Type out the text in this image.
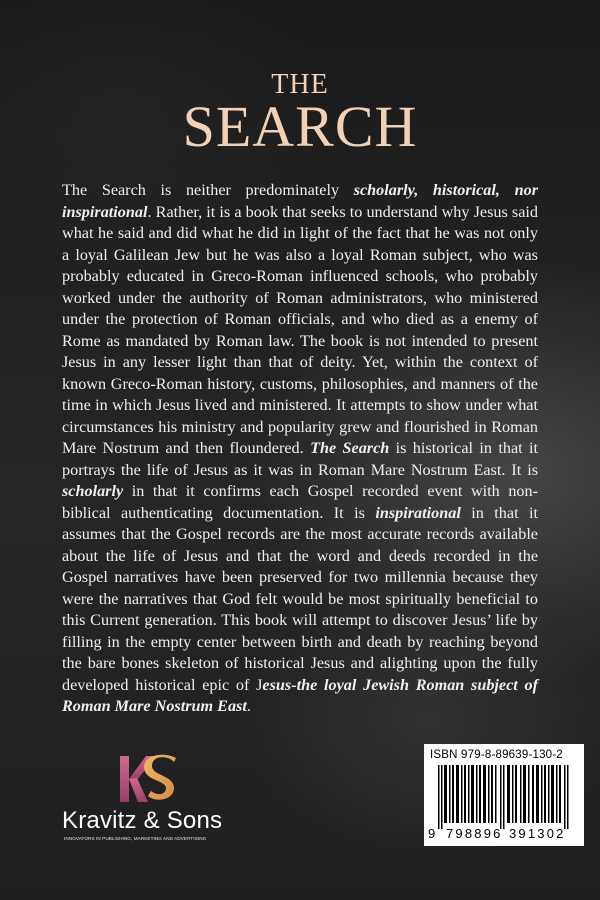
THE
SEARCH
The Search is neither predominately scholarly, historical, nor inspirational. Rather, it is a book that seeks to understand why Jesus said what he said and did what he did in light of the fact that he was not only a loyal Galilean Jew but he was also a loyal Roman subject, who was probably educated in Greco-Roman influenced schools, who probably worked under the authority of Roman administrators, who ministered under the protection of Roman officials, and who died as a enemy of Rome as mandated by Roman law. The book is not intended to present Jesus in any lesser light than that of deity. Yet, within the context of known Greco-Roman history, customs, philosophies, and manners of the time in which Jesus lived and ministered. It attempts to show under what circumstances his ministry and popularity grew and flourished in Roman Mare Nostrum and then floundered. The Search is historical in that it portrays the life of Jesus as it was in Roman Mare Nostrum East. It is scholarly in that it confirms each Gospel recorded event with non-biblical authenticating documentation. It is inspirational in that it assumes that the Gospel records are the most accurate records available about the life of Jesus and that the word and deeds recorded in the Gospel narratives have been preserved for two millennia because they were the narratives that God felt would be most spiritually beneficial to this Current generation. This book will attempt to discover Jesus’ life by filling in the empty center between birth and death by reaching beyond the bare bones skeleton of historical Jesus and alighting upon the fully developed historical epic of Jesus-the loyal Jewish Roman subject of Roman Mare Nostrum East.
Kravitz & Sons
INNOVATORS IN PUBLISHING, MARKETING AND ADVERTISING
ISBN 979-8-89639-130-2
9 798896 391302
